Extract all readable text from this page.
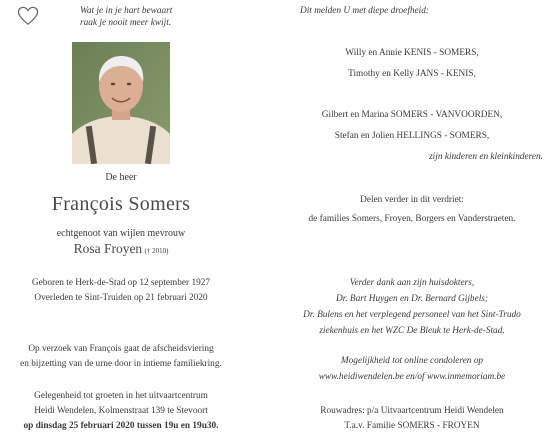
Wat je in je hart bewaart
raak je nooit meer kwijt.
De heer
François Somers
echtgenoot van wijlen mevrouw
Rosa Froyen († 2010)
Geboren te Herk-de-Stad op 12 september 1927
Overleden te Sint-Truiden op 21 februari 2020
Op verzoek van François gaat de afscheidsviering
en bijzetting van de urne door in intieme familiekring.
Gelegenheid tot groeten in het uitvaartcentrum
Heidi Wendelen, Kolmenstraat 139 te Stevoort
op dinsdag 25 februari 2020 tussen 19u en 19u30.
Dit melden U met diepe droefheid:
Willy en Annie KENIS - SOMERS,
Timothy en Kelly JANS - KENIS,
Gilbert en Marina SOMERS - VANVOORDEN,
Stefan en Jolien HELLINGS - SOMERS,
zijn kinderen en kleinkinderen.
Delen verder in dit verdriet:
de families Somers, Froyen, Borgers en Vanderstraeten.
Verder dank aan zijn huisdokters,
Dr. Bart Huygen en Dr. Bernard Gijbels;
Dr. Bulens en het verplegend personeel van het Sint-Trudo
ziekenhuis en het WZC De Bleuk te Herk-de-Stad.
Mogelijkheid tot online condoleren op
www.heidiwendelen.be en/of www.inmemoriam.be
Rouwadres: p/a Uitvaartcentrum Heidi Wendelen
T.a.v. Familie SOMERS - FROYEN
